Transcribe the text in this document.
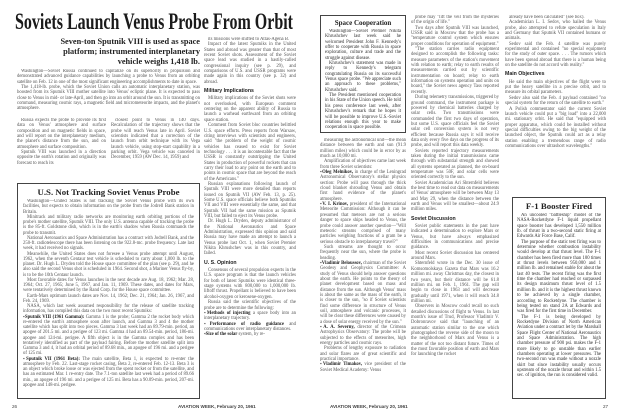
Soviets Launch Venus Probe From Orbit
Seven-ton Sputnik VIII is used as space platform; instrumented interplanetary vehicle weighs 1,418 lb.

Washington—Soviet Russia continued to capitalize on its superiority in propulsion and demonstrated advanced guidance capabilities by launching a probe to Venus from an orbiting satellite on Feb. 12 in one of the most significant engineering accomplishments to date in space.

The 1,418-lb. probe, which the Soviet Union calls an automatic interplanetary station, was boosted from its Sputnik VIII mother satellite into Venus' ecliptic plane. It is expected to pass close to Venus in mid- or late-April, and then go into an orbit around the sun. It is transmitting on command, measuring cosmic rays, a magnetic field and micrometeorite impacts, and the planet's atmosphere.

Russia expects the probe to provide its first data on Venus' atmosphere and surface composition and on magnetic fields in space, and will report on the interplanetary medium, the planet's distance from the sun, and on atmosphere and surface composition.

Sputnik VIII was launched in a direction opposite the earth's rotation and originally was forecast to reach its

closest point to Venus in 140 days. Recalculation of the trajectory shows that the probe will reach Venus late in April. Soviet scientists indicated that a correction of the launch from orbit technique with its Vega launch vehicle, using stop-start capability in a parking orbit. Vega vehicle was canceled in December, 1959 (AW Dec. 14, 1959) and

its missions were shifted to Atlas-Agena B.

Impact of the latest Sputniks in the United States and abroad was greater than that of most recent Soviet shots. Assessment of the Soviet space lead was studied in a hastily-called congressional inquiry (see p. 29), and comparisons of U.S. and USSR programs were made again in this country (see p. 32) and abroad.

Military Implications

Military implications of the Soviet shots were not overlooked, with European comment centering on the apparent ability of Russia to launch a warhead earthward from an orbiting space station.

Comment from Soviet bloc countries belittled U.S. space efforts. Press reports from Warsaw, citing interviews with scientists and engineers, said "the problem of the weight of cosmic vehicles has ceased to exist for Soviet technology . . . it is an incontestable fact that the USSR is constantly outstripping the United States in production of powerful rockets that can carry their load to any point on the earth and to points in cosmic space that are beyond the reach of the Americans."

Russian explanations following launch of Sputnik VIII were more detailed than reports issued on Sputnik VII (AW Feb. 13, p. 25). Some U.S. space officials believe both Sputniks VII and VIII were essentially the same, and that Sputnik VII had the same mission as Sputnik VIII, but failed to eject its Venus probe.

Dr. Hugh L. Dryden, deputy administrator of the National Aeronautics and Space Administration, expressed this opinion and said Russia may have made an attempt to launch a Venus probe last Oct. 1, when Soviet Premier Nikita Khrushchev was in this country, and failed.

U. S. Opinion

Consensus of several propulsion experts in the U.S. space program is that the launch vehicles for both of latest Sputniks were identical three-stage systems with 800,000 to 1,000,000 lb. liftoff thrust. Propellant is believed to have been alcohol-oxygen or kerosene-oxygen.

Russia said the scientific objectives of the probe are to determine the following:

▪Methods of injecting a space body into an interplanetary trajectory.

▪Performance of radio guidance and communications over interplanetary distances.

▪Size of the solar system, by re-

U.S. Not Tracking Soviet Venus Probe

Washington—United States is not tracking the Soviet Venus probe with its own facilities, but expects to obtain information on the probe from the Jodrell Bank station in Britain.

Minitrack and military radio networks are monitoring earth orbiting portions of the probe's mother satellite, Sputnik VIII. The only U.S. antenna capable of tracking the probe is the 85-ft. Goldstone dish, which is in the earth's shadow when Russia commands the probe to transmit.

National Aeronautics and Space Administration has a contract with Jodrell Bank, and the 250-ft. radiotelescope there has been listening on the 922.8-mc. probe frequency. Late last week, it had received no signals.

Meanwhile, the United States does not foresee a Venus probe attempt until August, 1962, when the seventh Centaur test vehicle is scheduled to carry about 1,000 lb. to the planet. Dr. Hugh L. Dryden told the House space committee of the plan (see p. 29), and he also said the second Venus shot is scheduled in 1964. Second shot, a Mariner Venus fly-by, is to be the 10th Centaur launch.

Most favorable dates for Venus launches in the next decade are Aug. 18, 1962; Mar. 28, 1964; Oct. 27, 1965; June 5, 1967, and Jan. 11, 1969. These dates, and dates for Mars, were tentatively determined by the Rand Corp. for the House space committee.

Earth-Mars optimum launch dates are Nov. 14, 1962; Dec. 21, 1964; Jan. 26, 1967, and Feb. 24, 1969.

NASA, which last week assumed responsibility for the release of satellite tracking information, has compiled this data on the two most recent Sputniks:

▪Sputnik VIII (1961 Gamma): Gamma 1 is the probe; Gamma 2 the rocket body which re-entered the earth's atmosphere soon after launch, and Gamma 3 and 4 the mother satellite which has split into two pieces. Gamma 3 last week had an 89.79-min. period, an apogee of 201.5 mi. and a perigee of 123 mi. Gamma 4 had an 89.54-min. period, 186-mi. apogee and 124-mi. perigee. A fifth object is in the Gamma complex and has been tentatively identified as part of the payload fairing. Before the mother satellite split into Gamma 3 and 4, it had an orbital period of 89.68 min., an apogee of 196 mi. and a perigee of 125 mi.

▪Sputnik VII (1961 Beta): The main satellite, Beta 1, is expected to re-enter the atmosphere by Feb. 22. Last-stage rocket casing, Beta 2, re-entered Feb. 12-13. Beta 3 is an object which broke loose or was ejected from the spent rocket or from the satellite, and has an estimated Mar. 1 re-entry date. The 7.1-ton satellite last week had a period of 89.66 min., an apogee of 196 mi. and a perigee of 125 mi. Beta has a 90.09-min. period, 207-mi. apogee and 148-mi. perigee.

26	AVIATION WEEK, February 20, 1961
Space Cooperation

Washington—Soviet Premier Nikita Khrushchev last week said he welcomed President John F. Kennedy's offer to cooperate with Russia in space exploration, culture and trade and the struggle against disease.

Khrushchev's statement was made in reply to Kennedy's telegram congratulating Russia on its successful Venus space probe. "We appreciate such an approach to these problems," Khrushchev said.

The President mentioned cooperation in his State of the Union speech. He told his press conference last week, after Khrushchev's remark that he hopes it will be possible to improve U.S.-Soviet relations enough this year to make cooperation in space possible.

measuring the astronomical unit—the mean distance between the earth and sun (91.9 million miles) which could be in error by as much as 10,000 mi.

Amplification of objectives came last week from three Soviet scientists:

▪Oleg Melnikov, in charge of the Leningrad Astronomical Observatory's stellar physics section: Probe will pass through the thick cloud blanket shrouding Venus and obtain first hand evidence of the planet's atmosphere.

▪V. I. Krinov, president of the International Meteorite Commission: Although it can be presumed that meteors are not a serious danger to space ships headed to Venus, the probe could answer another question—"Will meteoric streams comprised of many particles weighing fractions of a gram be a serious obstacle to interplanetary travel?"

Such streams are thought to occur frequently near the sun, where the probe is heading.

▪Vladimir Beloussov, chairman of the Soviet Geodesy and Geophysics Committee: A study of Venus should help answer questions about the earth. He points to the theory of planet development based on mass and distance from the sun. Although Venus' mass is about the same as the mass of the earth, it is closer to the sun, "so if Soviet scientists find some difference in structure of Venus soil, atmosphere and volcanic processes, it will be clear these differences were caused by a dose of solar energy received by the sun."

▪A. A. Severny, director of the Crimean Astrophysics Observatory: The probe will be subjected to the effects of meteorites, high energy particles and cosmic rays.

Problems of lengthy exposure to radiation and solar flares are of great scientific and practical importance.

▪Vladimir Timakov, vice president of the Soviet Medical Academy: Venus

probe may "lift the veil from the mysteries of the origin of life."

Two days after Sputnik VIII was launched, USSR said in Moscow that the probe has a "temperature control system which ensures proper conditions for operation of equipment."

"The station carries radio equipment designed to accomplish the following tasks: measure parameters of the station's movement with relation to earth; relay to earth results of measurements carried out by scientific instrumentation on board; relay to earth information on systems operation and units on board," the Soviet news agency Tass reported recently.

During telemetry transmissions, triggered by ground command, the instrument package is powered by chemical batteries charged by solar cells. Two transmissions were commanded the first two days of operation, but some U.S. space officials feel the Soviet solar cell conversion system is not very efficient because Russia says it will receive data only every five days on the progress of its probe, and will report this data weekly.

Soviets reported trajectory measurements taken during the initial transmissions came through with substantial strength and showed all systems operated as planned, the on-board temperature was 50F, and solar cells were oriented correctly to the sun.

Soviet Academician Ari Shternfeld believes the best time to read out data on measurements of Venus' atmosphere will be between May 13 and May 29, when the distance between the earth and Venus will be smallest—about 24.9 million miles.

Soviet Discussion

Soviet public statements in the past have indicated a determination to explore Mars or Venus, but have always emphasized difficulties in communications and precise guidance.

Most recent Soviet discussion has centered around Mars.

Shternfeld wrote in the Dec. 30 issue of Komsomolskaya Gazeta that Mars was 16.2 million mi. away Christmas day, the closest in two years, but their distance will be 61.8 million mi. on Feb. 1, 1961. The gap will begin to close in 1963 and will decrease gradually until 1971, when it will reach 34.8 million mi.

Observers in Moscow could recall no such detailed discussions of flight to Venus. In last month's issue of Trud, Professor Vladimir V. Dobronravov said that "launching of an automatic station similar to the one which photographed the reverse side of the moon to the neighborhood of Mars and Venus is a matter of the not too distant future. Times of the most favorable position of earth and Mars for launching the rocket

already have been calculated" (see box).

Academician L. I. Sedov, who hailed the Venus probe, also attempted to refute speculation in Italy and Germany that Sputnik VII contained humans or animals.

Sedov said the Feb. 4 satellite was purely experimental and contained "no special equipment for the study of outer space. . . . The rumors which have been spread abroad that there is a human being on the satellite do not accord with reality."

Main Objectives

He said the main objectives of the flight were to put the heavy satellite in a precise orbit, and to measure its orbital parameters.

Sedov also said the Feb. 4 payload contained "no special system for the return of the satellite to earth."

A Polish commentator said the current Soviet launch vehicle could put a "big load" into a 22,000 mi. stationary orbit. He said that "equipped with proper apparatus, which could be installed without special difficulties owing to the big weight of the launched object, the Sputnik could act as a relay station enabling a tremendous range of radio communications over ultrashort wavelengths."

F-1 Booster Fired

An uncooled "battleship" model of the NASA-Rocketdyne F-1 liquid propellant space booster has developed 1,550 million lb. of thrust in a two-second static firing at Edwards Air Force Base, Calif.

The purpose of the static test firing was to determine whether combustion instability would develop at that thrust level. The F-1 chamber has been fired more than 100 times at thrust levels between 950,000 and 1 million lb. and remained stable for about the last 40 tests. The recent firing was the first time the chamber had reached or surpassed its design maximum thrust level of 1.5 million lb. and it is the highest thrust known to be achieved by a single chamber, according to Rocketdyne. The chamber is being tested on stand 2A at Edwards and was fired for the first time in December.

The F-1 is being developed by Rocketdyne Division of North American Aviation under a contract let by the Marshall Space Flight Center of National Aeronautics and Space Administration. The high chamber pressure of 900 psi. makes the F-1 more likely to go unstable than earlier chambers operating at lower pressures. The two-second run was made without a nozzle skirt but since instability usually occurs upstream of the nozzle throat and within 1.5 sec. of ignition, the run is considered valid.

AVIATION WEEK, February 20, 1961	27
